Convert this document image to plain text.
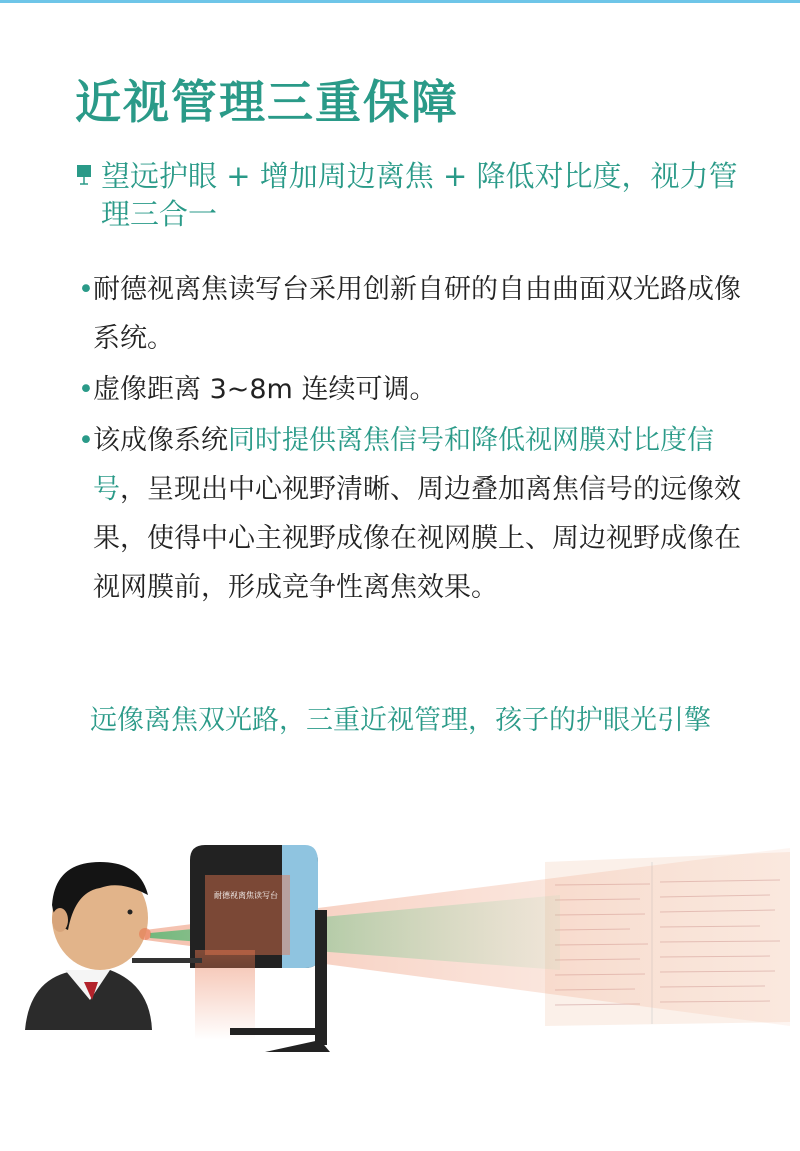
近视管理三重保障
望远护眼 + 增加周边离焦 + 降低对比度，视力管理三合一
• 耐德视离焦读写台采用创新自研的自由曲面双光路成像系统。
• 虚像距离 3~8m 连续可调。
• 该成像系统同时提供离焦信号和降低视网膜对比度信号，呈现出中心视野清晰、周边叠加离焦信号的远像效果，使得中心主视野成像在视网膜上、周边视野成像在视网膜前，形成竞争性离焦效果。
远像离焦双光路，三重近视管理，孩子的护眼光引擎
耐德视离焦读写台
